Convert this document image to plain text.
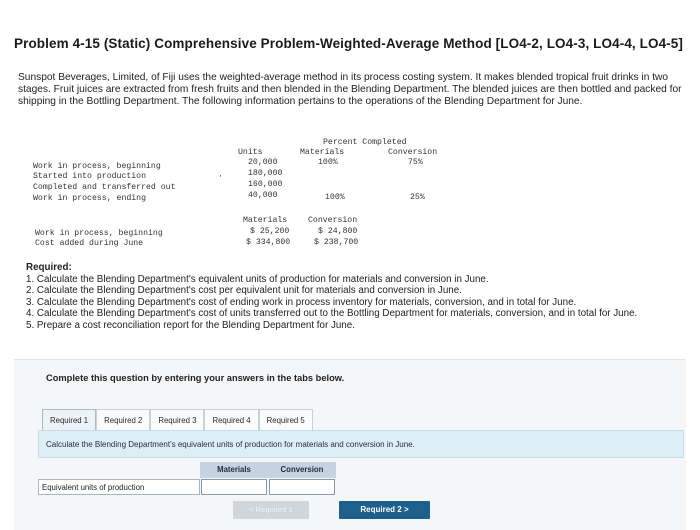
Problem 4-15 (Static) Comprehensive Problem-Weighted-Average Method [LO4-2, LO4-3, LO4-4, LO4-5]
Sunspot Beverages, Limited, of Fiji uses the weighted-average method in its process costing system. It makes blended tropical fruit drinks in two stages. Fruit juices are extracted from fresh fruits and then blended in the Blending Department. The blended juices are then bottled and packed for shipping in the Bottling Department. The following information pertains to the operations of the Blending Department for June.
Percent Completed
Units	Materials	Conversion
Work in process, beginning	20,000	100%	75%
Started into production	180,000
·
Completed and transferred out	160,000
Work in process, ending	40,000	100%	25%
Materials	Conversion
Work in process, beginning	$ 25,200	$ 24,800
Cost added during June	$ 334,800	$ 238,700
Required:
1. Calculate the Blending Department's equivalent units of production for materials and conversion in June.
2. Calculate the Blending Department's cost per equivalent unit for materials and conversion in June.
3. Calculate the Blending Department's cost of ending work in process inventory for materials, conversion, and in total for June.
4. Calculate the Blending Department's cost of units transferred out to the Bottling Department for materials, conversion, and in total for June.
5. Prepare a cost reconciliation report for the Blending Department for June.
Complete this question by entering your answers in the tabs below.
Required 1	Required 2	Required 3	Required 4	Required 5
Calculate the Blending Department's equivalent units of production for materials and conversion in June.
Materials	Conversion
Equivalent units of production
< Required 1	Required 2 >
